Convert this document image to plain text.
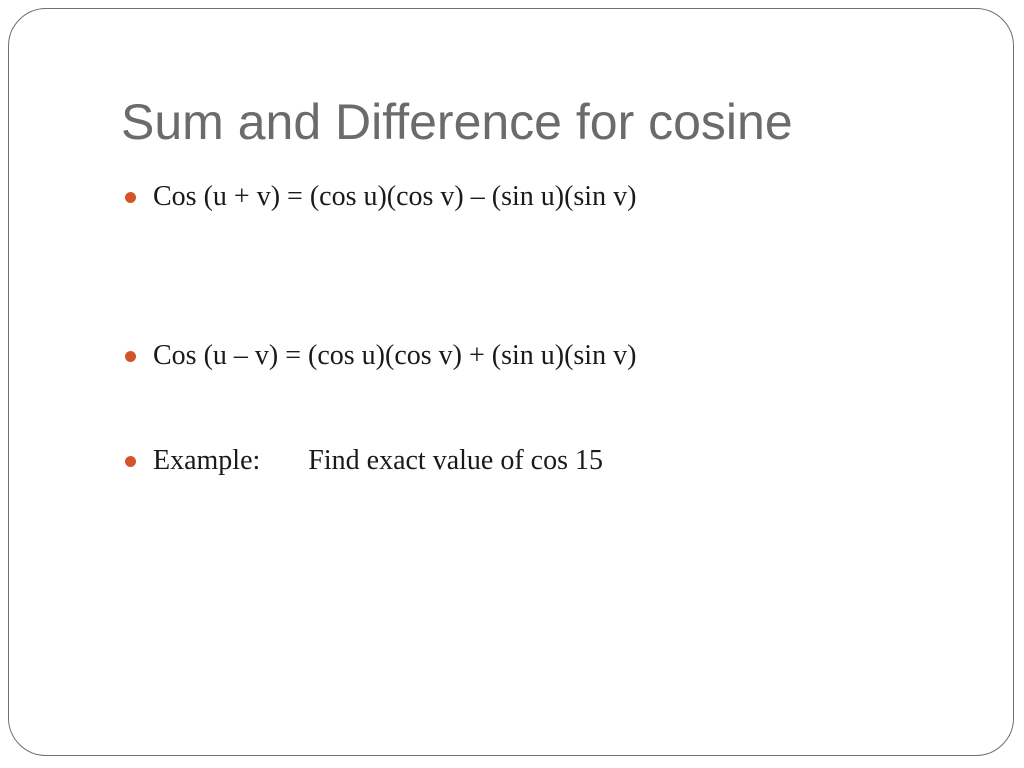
Sum and Difference for cosine
Cos (u + v) = (cos u)(cos v) – (sin u)(sin v)
Cos (u – v) = (cos u)(cos v) + (sin u)(sin v)
Example: Find exact value of cos 15
